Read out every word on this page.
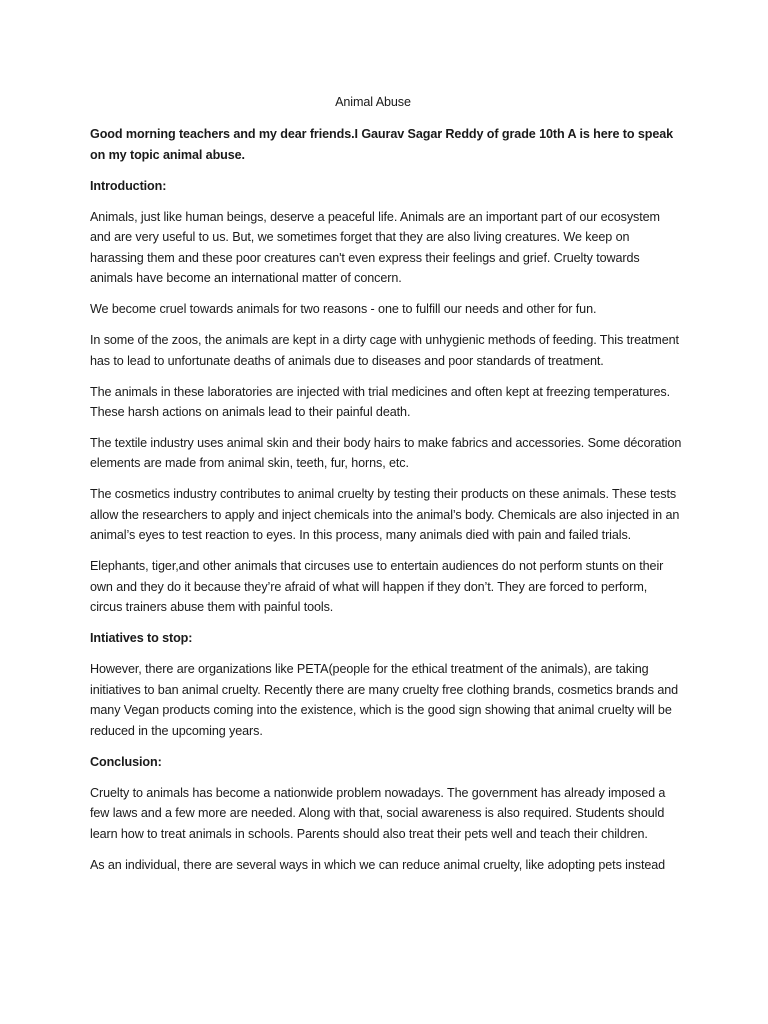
Animal Abuse

Good morning teachers and my dear friends.I Gaurav Sagar Reddy of grade 10th A is here to speak on my topic animal abuse.

Introduction:

Animals, just like human beings, deserve a peaceful life. Animals are an important part of our ecosystem and are very useful to us. But, we sometimes forget that they are also living creatures. We keep on harassing them and these poor creatures can't even express their feelings and grief. Cruelty towards animals have become an international matter of concern.

We become cruel towards animals for two reasons - one to fulfill our needs and other for fun.

In some of the zoos, the animals are kept in a dirty cage with unhygienic methods of feeding. This treatment has to lead to unfortunate deaths of animals due to diseases and poor standards of treatment.

The animals in these laboratories are injected with trial medicines and often kept at freezing temperatures. These harsh actions on animals lead to their painful death.

The textile industry uses animal skin and their body hairs to make fabrics and accessories. Some décoration elements are made from animal skin, teeth, fur, horns, etc.

The cosmetics industry contributes to animal cruelty by testing their products on these animals. These tests allow the researchers to apply and inject chemicals into the animal’s body. Chemicals are also injected in an animal’s eyes to test reaction to eyes. In this process, many animals died with pain and failed trials.

Elephants, tiger,and other animals that circuses use to entertain audiences do not perform stunts on their own and they do it because they’re afraid of what will happen if they don’t. They are forced to perform, circus trainers abuse them with painful tools.

Intiatives to stop:

However, there are organizations like PETA(people for the ethical treatment of the animals), are taking initiatives to ban animal cruelty. Recently there are many cruelty free clothing brands, cosmetics brands and many Vegan products coming into the existence, which is the good sign showing that animal cruelty will be reduced in the upcoming years.

Conclusion:

Cruelty to animals has become a nationwide problem nowadays. The government has already imposed a few laws and a few more are needed. Along with that, social awareness is also required. Students should learn how to treat animals in schools. Parents should also treat their pets well and teach their children.

As an individual, there are several ways in which we can reduce animal cruelty, like adopting pets instead
